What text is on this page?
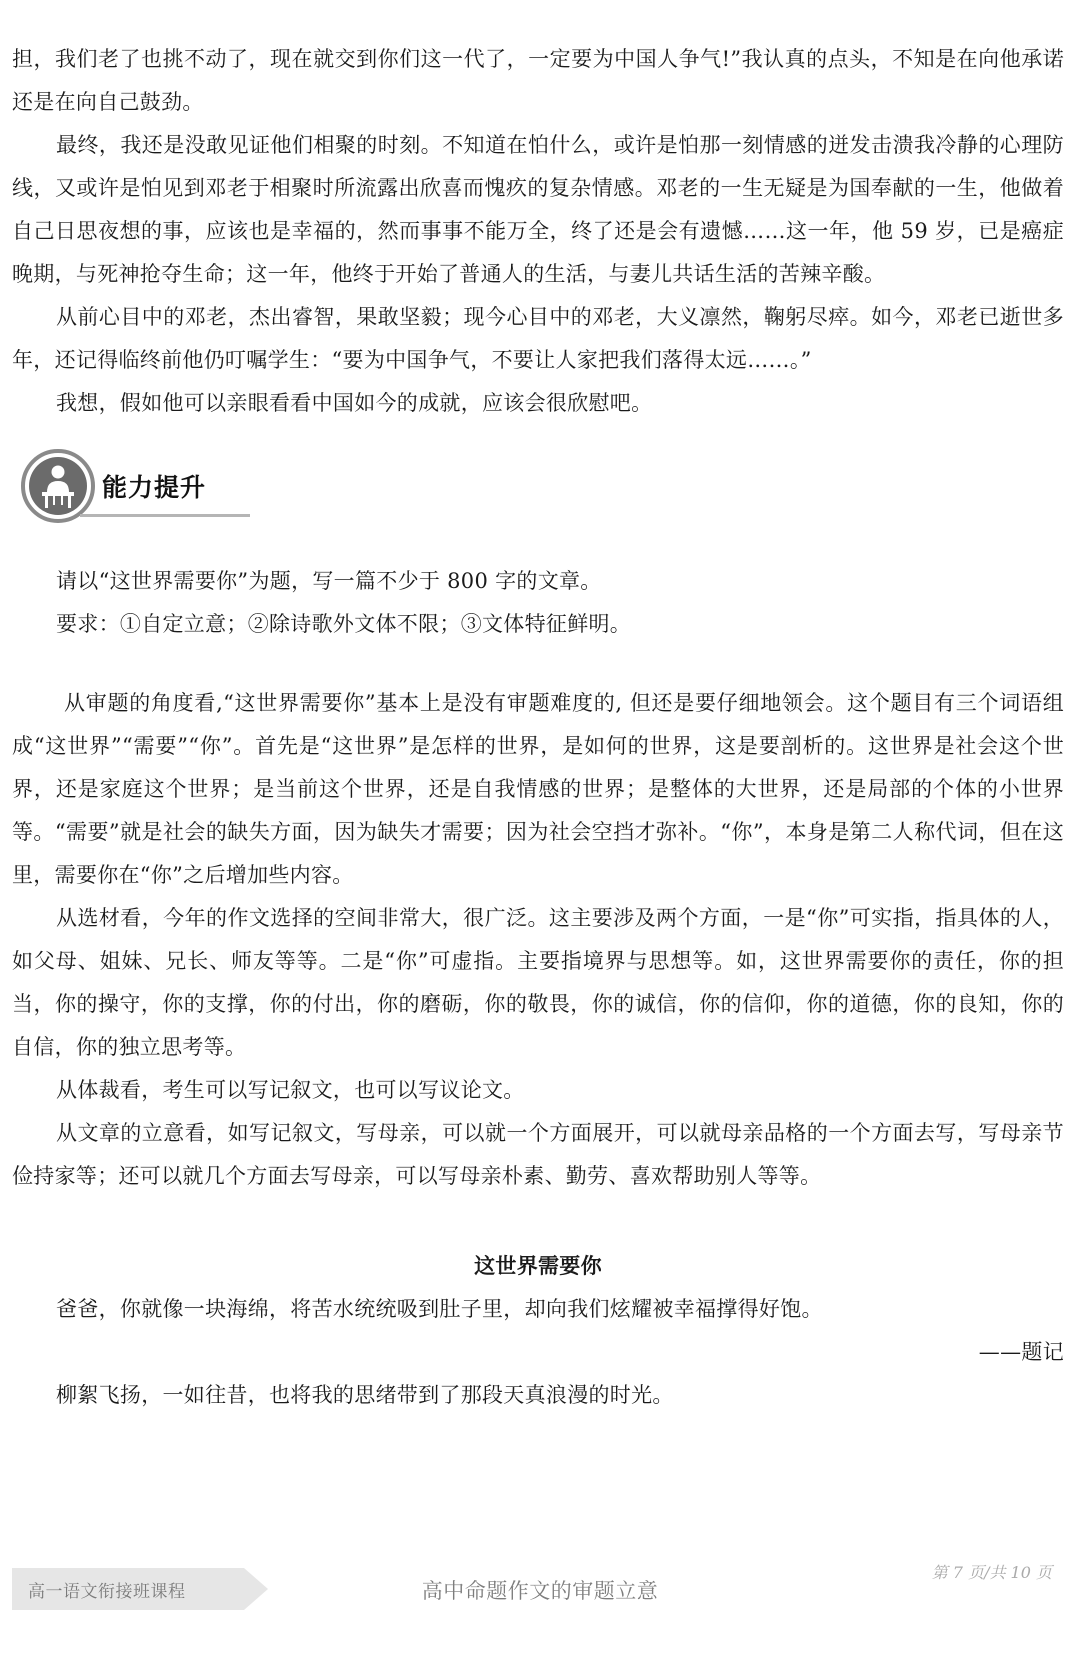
担，我们老了也挑不动了，现在就交到你们这一代了，一定要为中国人争气!”我认真的点头，不知是在向他承诺还是在向自己鼓劲。

最终，我还是没敢见证他们相聚的时刻。不知道在怕什么，或许是怕那一刻情感的迸发击溃我冷静的心理防线，又或许是怕见到邓老于相聚时所流露出欣喜而愧疚的复杂情感。邓老的一生无疑是为国奉献的一生，他做着自己日思夜想的事，应该也是幸福的，然而事事不能万全，终了还是会有遗憾……这一年，他 59 岁，已是癌症晚期，与死神抢夺生命；这一年，他终于开始了普通人的生活，与妻儿共话生活的苦辣辛酸。

从前心目中的邓老，杰出睿智，果敢坚毅；现今心目中的邓老，大义凛然，鞠躬尽瘁。如今，邓老已逝世多年，还记得临终前他仍叮嘱学生：“要为中国争气，不要让人家把我们落得太远……。”

我想，假如他可以亲眼看看中国如今的成就，应该会很欣慰吧。

能力提升

请以“这世界需要你”为题，写一篇不少于 800 字的文章。

要求：①自定立意；②除诗歌外文体不限；③文体特征鲜明。

从审题的角度看,“这世界需要你”基本上是没有审题难度的, 但还是要仔细地领会。这个题目有三个词语组成“这世界”“需要”“你”。首先是“这世界”是怎样的世界，是如何的世界，这是要剖析的。这世界是社会这个世界，还是家庭这个世界；是当前这个世界，还是自我情感的世界；是整体的大世界，还是局部的个体的小世界等。“需要”就是社会的缺失方面，因为缺失才需要；因为社会空挡才弥补。“你”，本身是第二人称代词，但在这里，需要你在“你”之后增加些内容。

从选材看，今年的作文选择的空间非常大，很广泛。这主要涉及两个方面，一是“你”可实指，指具体的人，如父母、姐妹、兄长、师友等等。二是“你”可虚指。主要指境界与思想等。如，这世界需要你的责任，你的担当，你的操守，你的支撑，你的付出，你的磨砺，你的敬畏，你的诚信，你的信仰，你的道德，你的良知，你的自信，你的独立思考等。

从体裁看，考生可以写记叙文，也可以写议论文。

从文章的立意看，如写记叙文，写母亲，可以就一个方面展开，可以就母亲品格的一个方面去写，写母亲节俭持家等；还可以就几个方面去写母亲，可以写母亲朴素、勤劳、喜欢帮助别人等等。

这世界需要你

爸爸，你就像一块海绵，将苦水统统吸到肚子里，却向我们炫耀被幸福撑得好饱。

——题记

柳絮飞扬，一如往昔，也将我的思绪带到了那段天真浪漫的时光。

高一语文衔接班课程	高中命题作文的审题立意
第 7 页/共 10 页
